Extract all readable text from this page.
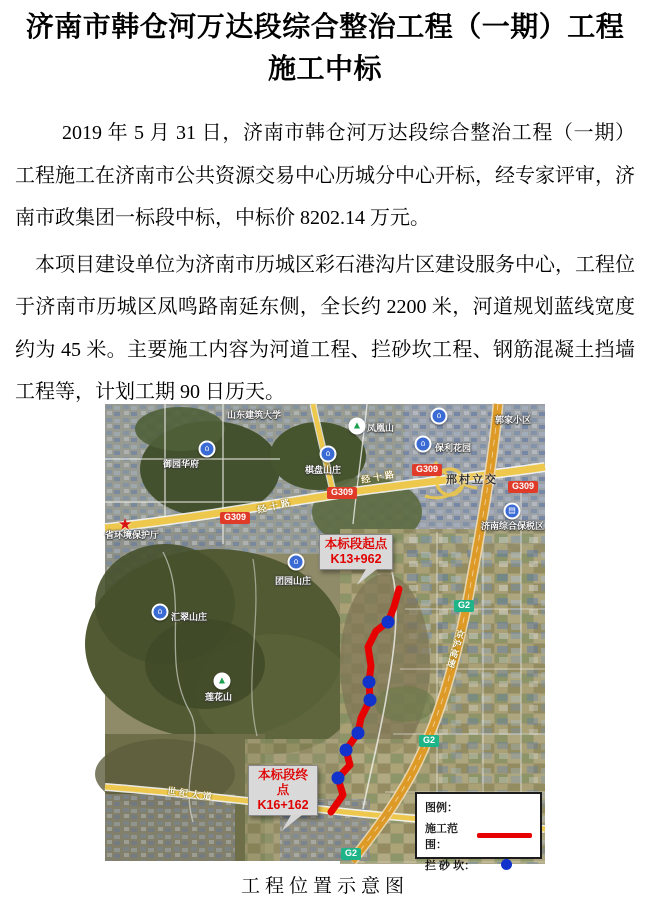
济南市韩仓河万达段综合整治工程（一期）工程
施工中标

2019 年 5 月 31 日，济南市韩仓河万达段综合整治工程（一期）工程施工在济南市公共资源交易中心历城分中心开标，经专家评审，济南市政集团一标段中标，中标价 8202.14 万元。

本项目建设单位为济南市历城区彩石港沟片区建设服务中心，工程位于济南市历城区凤鸣路南延东侧，全长约 2200 米，河道规划蓝线宽度约为 45 米。主要施工内容为河道工程、拦砂坎工程、钢筋混凝土挡墙工程等，计划工期 90 日历天。

G309
G309
G309
G309
G2
G2
G2
山东建筑大学	郭家小区
凤凰山
御园华府
棋盘山庄
保利花园
邢村立交
济南综合保税区
省环境保护厅
团园山庄
汇翠山庄
莲花山
经十路
经十路
京沪高速
世纪大道
⌂
⌂
⌂
⌂
⌂
⌂
▲
▲
▤
★
本标段起点
K13+962
本标段终点
K16+162	图例：
施工范围：
拦 砂 坎：
工程位置示意图
